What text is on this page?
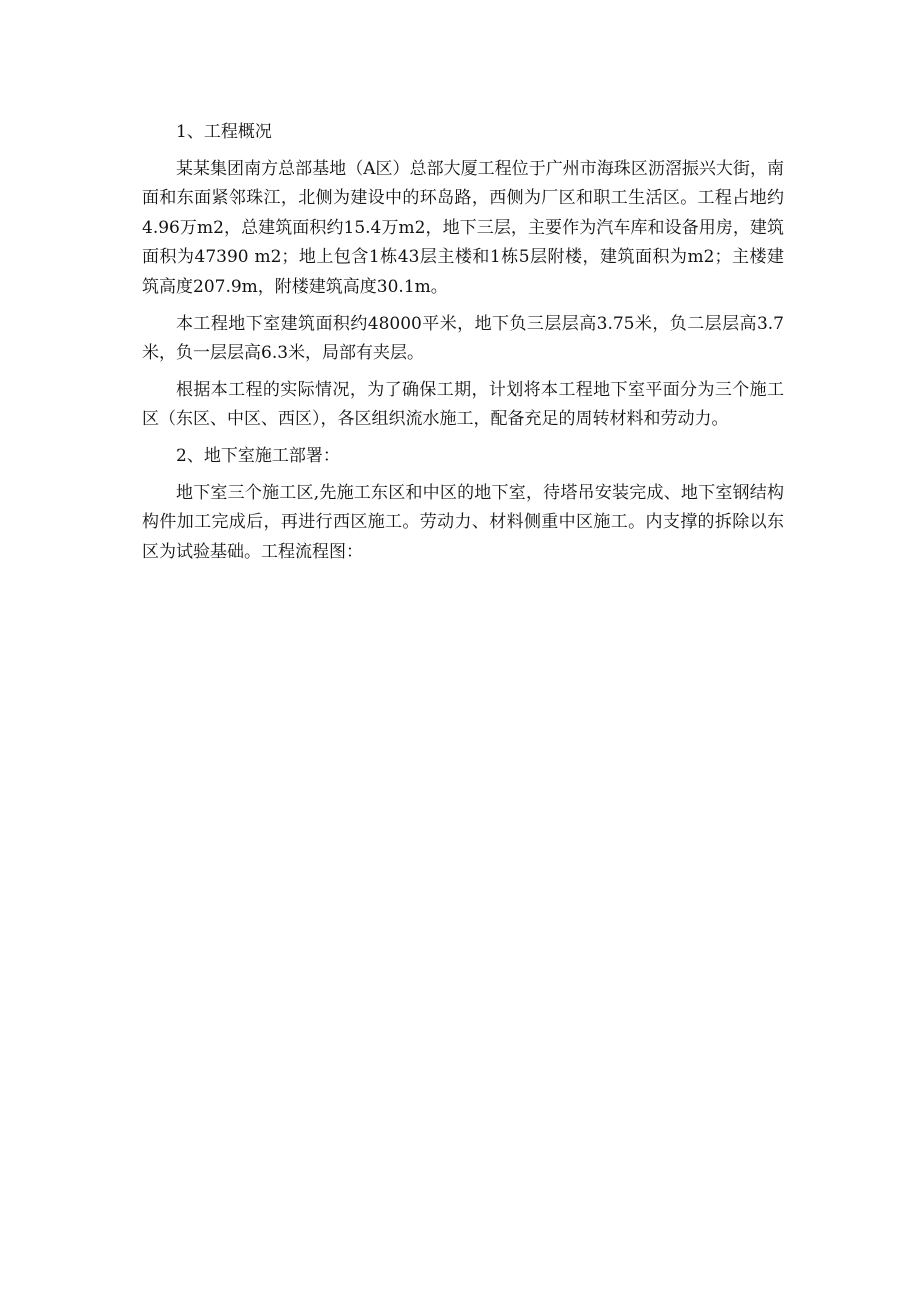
1、工程概况

某某集团南方总部基地（A区）总部大厦工程位于广州市海珠区沥滘振兴大街，南面和东面紧邻珠江，北侧为建设中的环岛路，西侧为厂区和职工生活区。工程占地约4.96万m2，总建筑面积约15.4万m2，地下三层，主要作为汽车库和设备用房，建筑面积为47390 m2；地上包含1栋43层主楼和1栋5层附楼，建筑面积为m2；主楼建筑高度207.9m，附楼建筑高度30.1m。

本工程地下室建筑面积约48000平米，地下负三层层高3.75米，负二层层高3.7米，负一层层高6.3米，局部有夹层。

根据本工程的实际情况，为了确保工期，计划将本工程地下室平面分为三个施工区（东区、中区、西区），各区组织流水施工，配备充足的周转材料和劳动力。

2、地下室施工部署：

地下室三个施工区,先施工东区和中区的地下室，待塔吊安装完成、地下室钢结构构件加工完成后，再进行西区施工。劳动力、材料侧重中区施工。内支撑的拆除以东区为试验基础。工程流程图：
